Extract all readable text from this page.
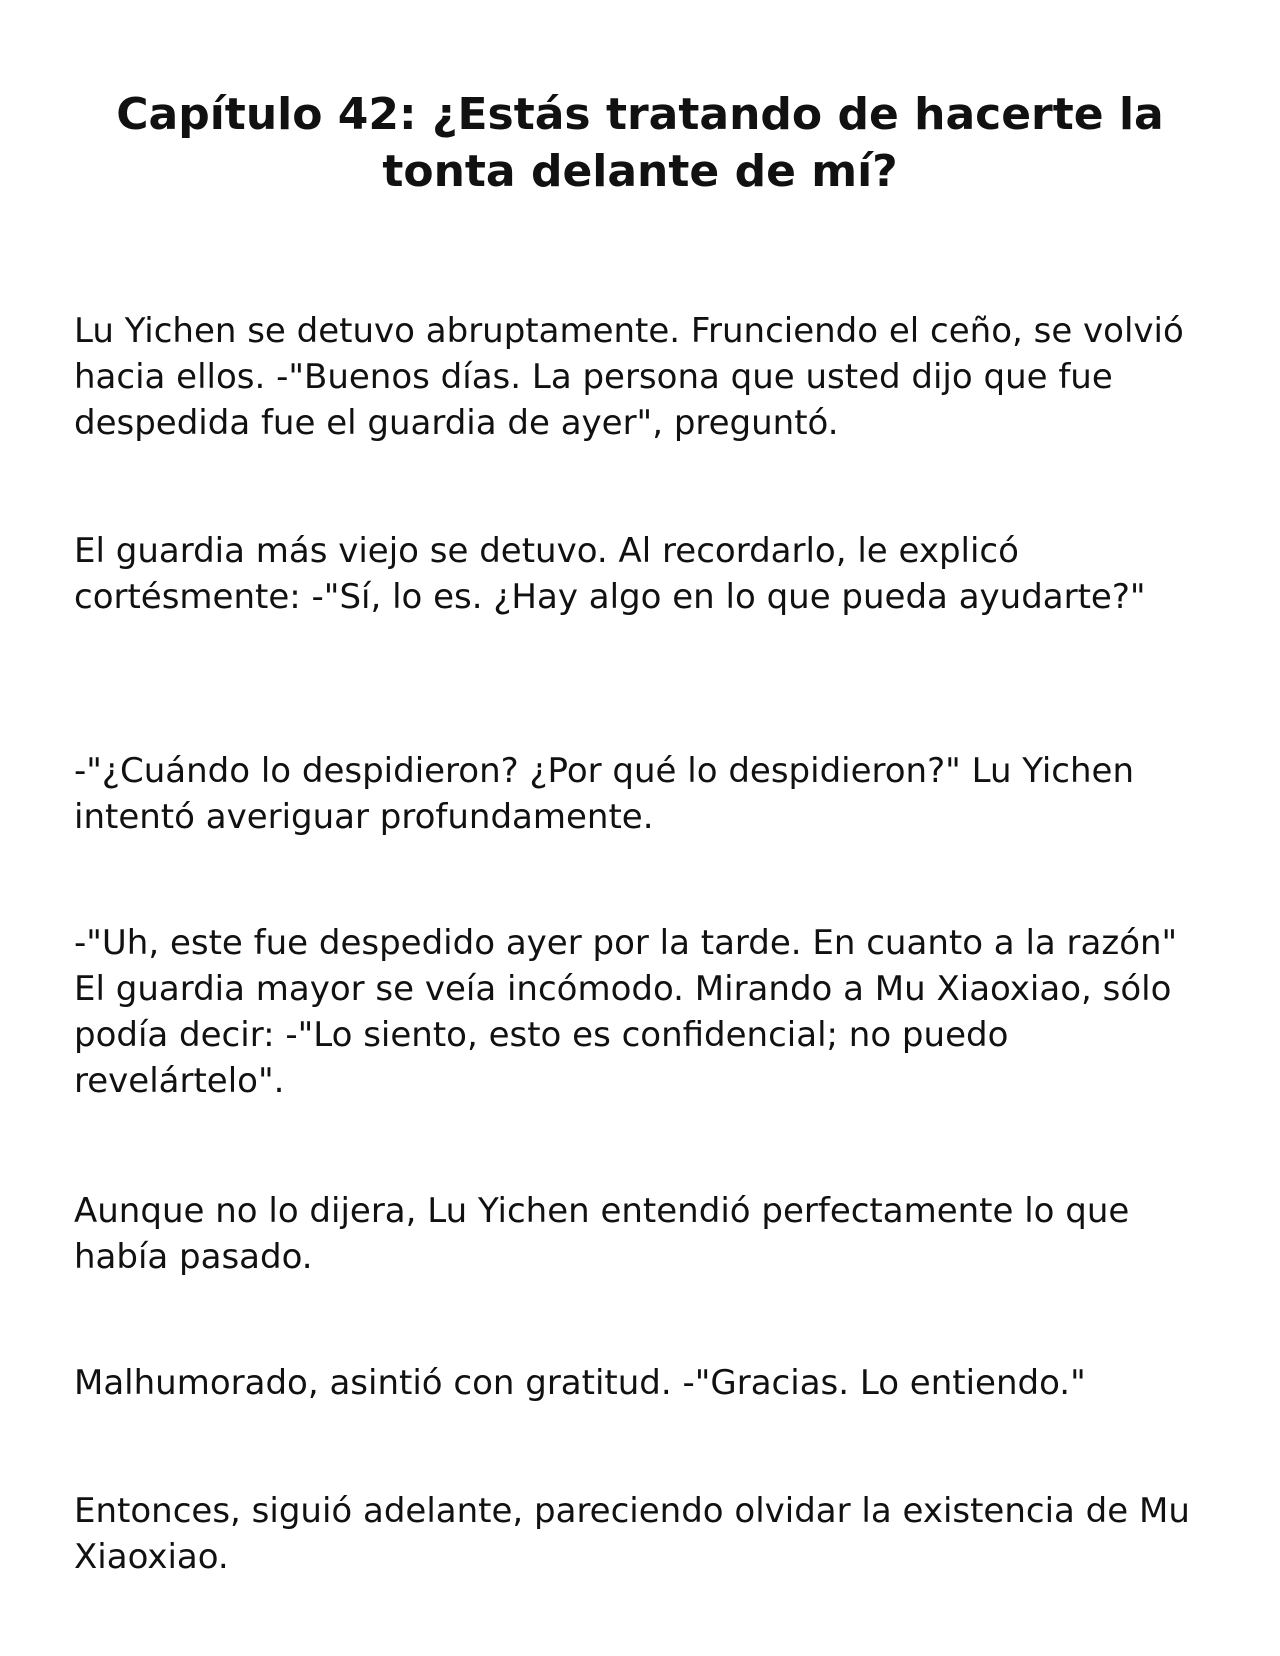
Capítulo 42: ¿Estás tratando de hacerte la tonta delante de mí?

Lu Yichen se detuvo abruptamente. Frunciendo el ceño, se volvió hacia ellos. -"Buenos días. La persona que usted dijo que fue despedida fue el guardia de ayer", preguntó.

El guardia más viejo se detuvo. Al recordarlo, le explicó cortésmente: -"Sí, lo es. ¿Hay algo en lo que pueda ayudarte?"

-"¿Cuándo lo despidieron? ¿Por qué lo despidieron?" Lu Yichen intentó averiguar profundamente.

-"Uh, este fue despedido ayer por la tarde. En cuanto a la razón" El guardia mayor se veía incómodo. Mirando a Mu Xiaoxiao, sólo podía decir: -"Lo siento, esto es confidencial; no puedo revelártelo".

Aunque no lo dijera, Lu Yichen entendió perfectamente lo que había pasado.

Malhumorado, asintió con gratitud. -"Gracias. Lo entiendo."

Entonces, siguió adelante, pareciendo olvidar la existencia de Mu Xiaoxiao.
